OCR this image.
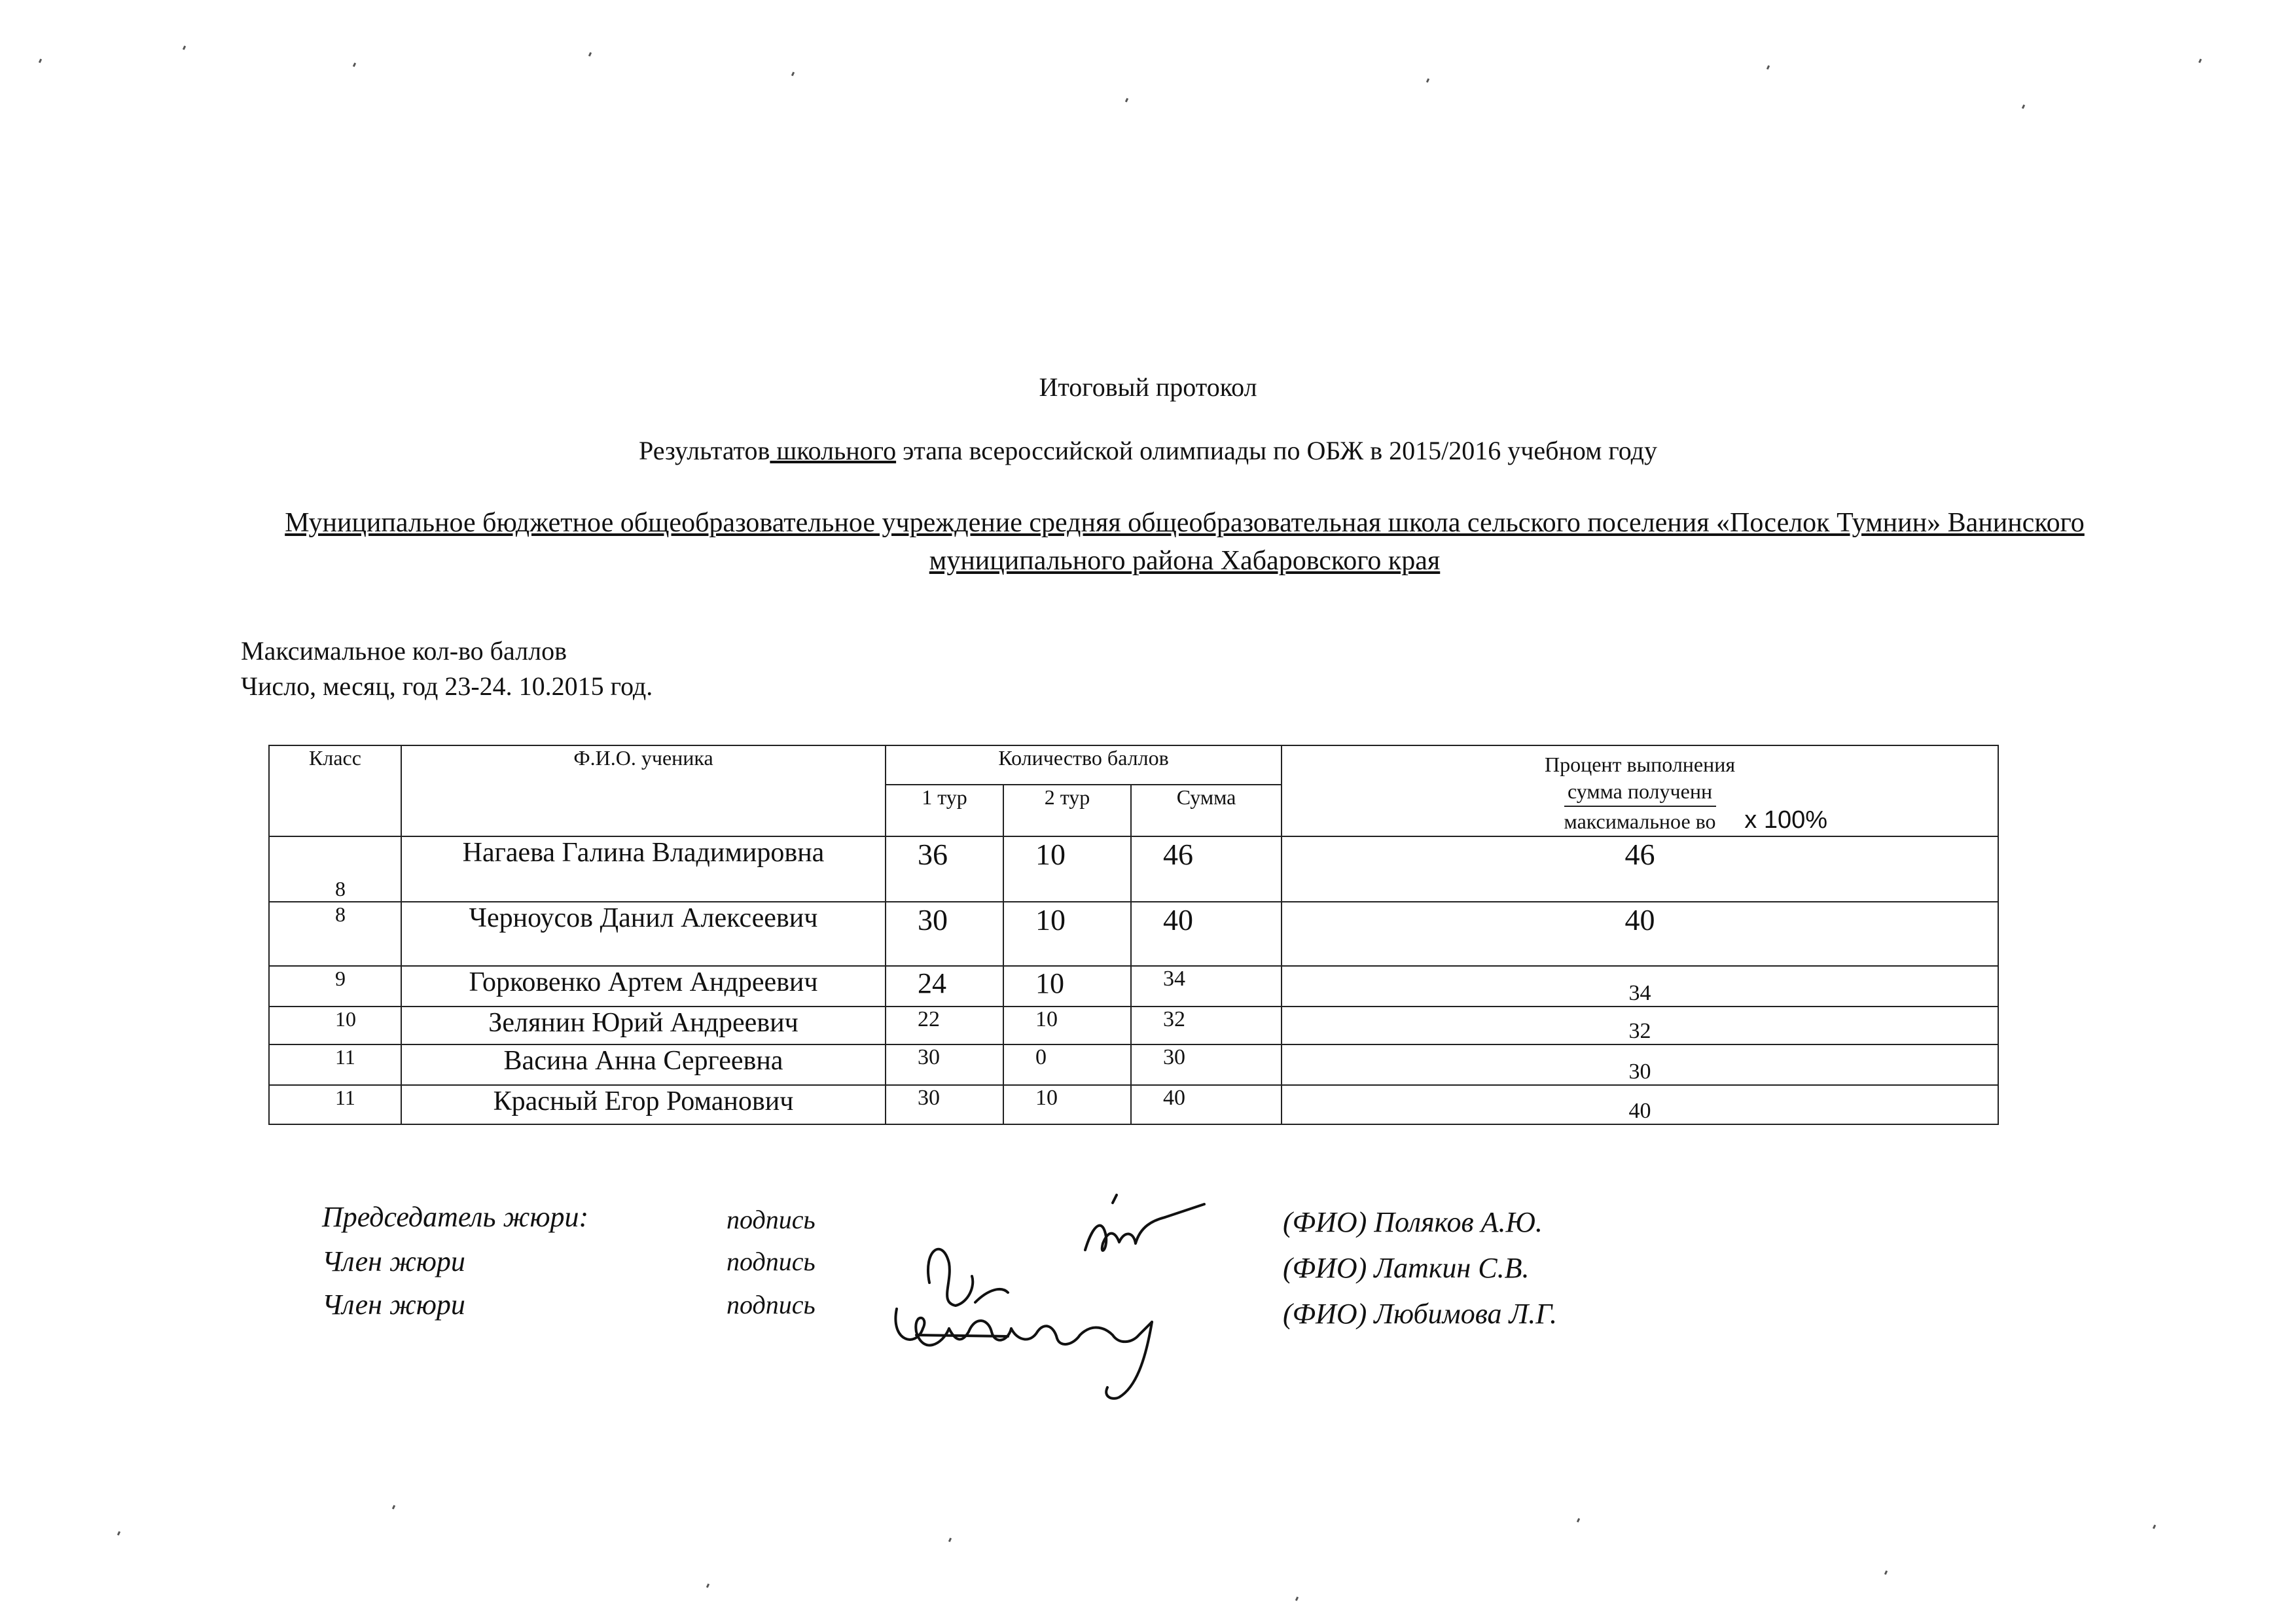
Итоговый протокол
Результатов школьного этапа всероссийской олимпиады по ОБЖ в 2015/2016 учебном году
Муниципальное бюджетное общеобразовательное учреждение средняя общеобразовательная школа сельского поселения «Поселок Тумнин» Ванинского муниципального района Хабаровского края
Максимальное кол-во баллов
Число, месяц, год 23-24. 10.2015 год.
Класс	Ф.И.О. ученика	Количество баллов			Процент выполнения
$\frac{\text{сумма полученн}}{\text{максимальное во}}$ х 100%

		1 тур	2 тур	Сумма	
8	Нагаева Галина Владимировна	36	10	46	46
8	Черноусов Данил Алексеевич	30	10	40	40
9	Горковенко Артем Андреевич	24	10	34	34
10	Зелянин Юрий Андреевич	22	10	32	32
11	Васина Анна Сергеевна	30	0	30	30
11	Красный Егор Романович	30	10	40	40
Председатель жюри:	подпись	(ФИО) Поляков А.Ю.
Член жюри	подпись	(ФИО) Латкин С.В.
Член жюри	подпись	(ФИО) Любимова Л.Г.
